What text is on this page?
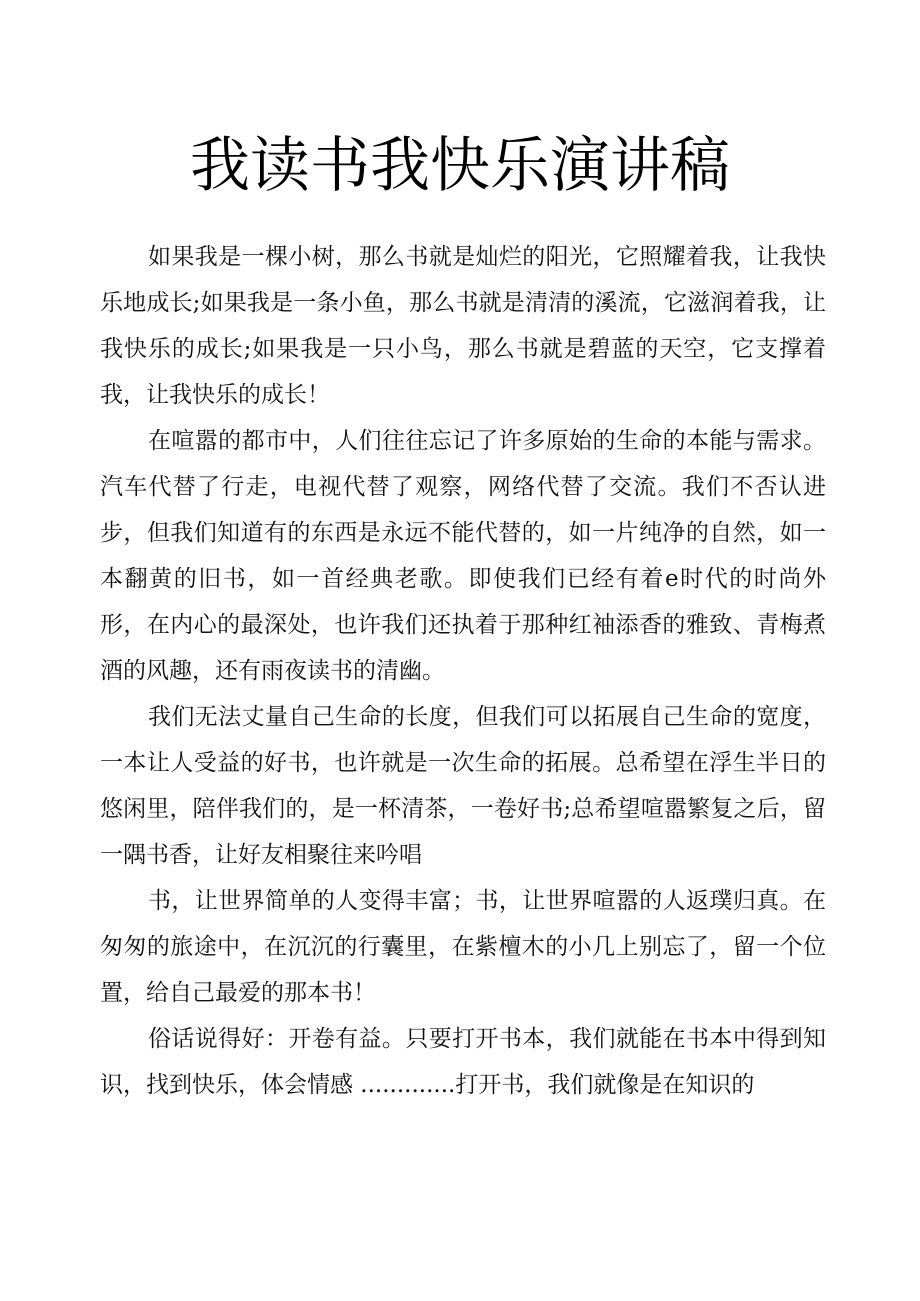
我读书我快乐演讲稿

如果我是一棵小树，那么书就是灿烂的阳光，它照耀着我，让我快乐地成长;如果我是一条小鱼，那么书就是清清的溪流，它滋润着我，让我快乐的成长;如果我是一只小鸟，那么书就是碧蓝的天空，它支撑着我，让我快乐的成长！

在喧嚣的都市中，人们往往忘记了许多原始的生命的本能与需求。汽车代替了行走，电视代替了观察，网络代替了交流。我们不否认进步，但我们知道有的东西是永远不能代替的，如一片纯净的自然，如一本翻黄的旧书，如一首经典老歌。即使我们已经有着e时代的时尚外形，在内心的最深处，也许我们还执着于那种红袖添香的雅致、青梅煮酒的风趣，还有雨夜读书的清幽。

我们无法丈量自己生命的长度，但我们可以拓展自己生命的宽度，一本让人受益的好书，也许就是一次生命的拓展。总希望在浮生半日的悠闲里，陪伴我们的，是一杯清茶，一卷好书;总希望喧嚣繁复之后，留一隅书香，让好友相聚往来吟唱

书，让世界简单的人变得丰富；书，让世界喧嚣的人返璞归真。在匆匆的旅途中，在沉沉的行囊里，在紫檀木的小几上别忘了，留一个位置，给自己最爱的那本书！

俗话说得好：开卷有益。只要打开书本，我们就能在书本中得到知识，找到快乐，体会情感 .............打开书，我们就像是在知识的
